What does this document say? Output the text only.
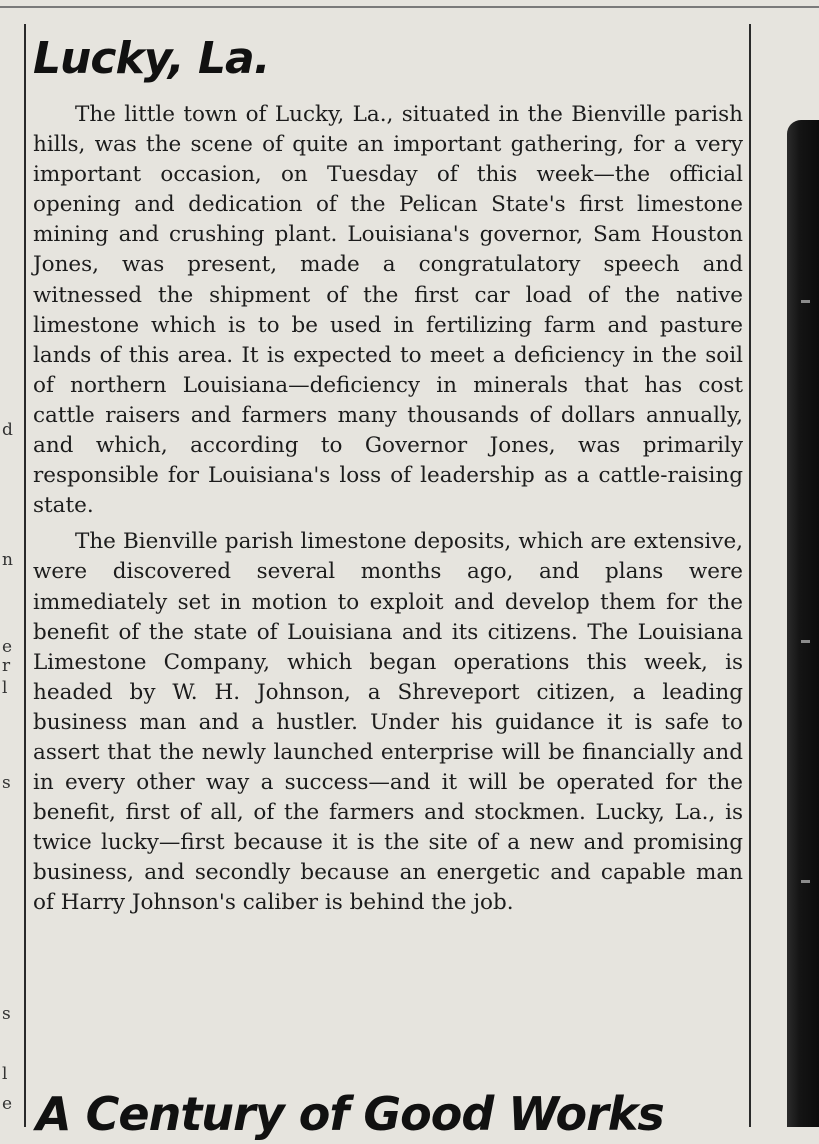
d
n
e
r
l
s
s
l
e
Lucky, La.

The little town of Lucky, La., situated in the Bienville parish hills, was the scene of quite an important gathering, for a very important occasion, on Tuesday of this week—the official opening and dedication of the Pelican State's first limestone mining and crushing plant. Louisiana's governor, Sam Houston Jones, was present, made a congratulatory speech and witnessed the shipment of the first car load of the native limestone which is to be used in fertilizing farm and pasture lands of this area. It is expected to meet a deficiency in the soil of northern Louisiana—deficiency in minerals that has cost cattle raisers and farmers many thousands of dollars annually, and which, according to Governor Jones, was primarily responsible for Louisiana's loss of leadership as a cattle-raising state.

The Bienville parish limestone deposits, which are extensive, were discovered several months ago, and plans were immediately set in motion to exploit and develop them for the benefit of the state of Louisiana and its citizens. The Louisiana Limestone Company, which began operations this week, is headed by W. H. Johnson, a Shreveport citizen, a leading business man and a hustler. Under his guidance it is safe to assert that the newly launched enterprise will be financially and in every other way a success—and it will be operated for the benefit, first of all, of the farmers and stockmen. Lucky, La., is twice lucky—first because it is the site of a new and promising business, and secondly because an energetic and capable man of Harry Johnson's caliber is behind the job.

A Century of Good Works
